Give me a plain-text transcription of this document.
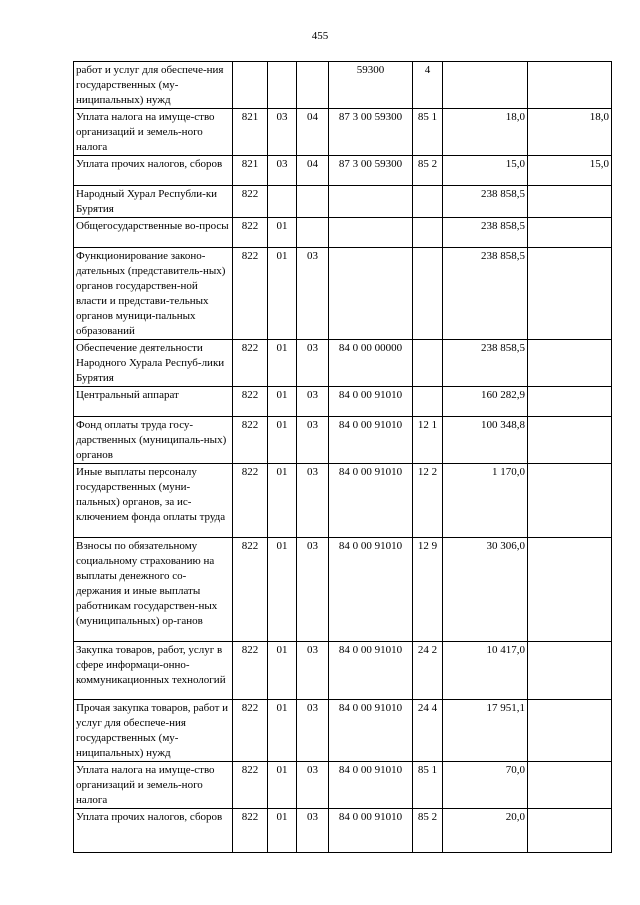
455
работ и услуг для обеспече-ния государственных (му-ниципальных) нужд				59300	4		
Уплата налога на имуще-ство организаций и земель-ного налога	821	03	04	87 3 00 59300	85 1	18,0	18,0
Уплата прочих налогов, сборов	821	03	04	87 3 00 59300	85 2	15,0	15,0
Народный Хурал Республи-ки Бурятия	822					238 858,5	
Общегосударственные во-просы	822	01				238 858,5	
Функционирование законо-дательных (представитель-ных) органов государствен-ной власти и представи-тельных органов муници-пальных образований	822	01	03			238 858,5	
Обеспечение деятельности Народного Хурала Респуб-лики Бурятия	822	01	03	84 0 00 00000		238 858,5	
Центральный аппарат	822	01	03	84 0 00 91010		160 282,9	
Фонд оплаты труда госу-дарственных (муниципаль-ных) органов	822	01	03	84 0 00 91010	12 1	100 348,8	
Иные выплаты персоналу государственных (муни-пальных) органов, за ис-ключением фонда оплаты труда	822	01	03	84 0 00 91010	12 2	1 170,0	
Взносы по обязательному социальному страхованию на выплаты денежного со-держания и иные выплаты работникам государствен-ных (муниципальных) ор-ганов	822	01	03	84 0 00 91010	12 9	30 306,0	
Закупка товаров, работ, услуг в сфере информаци-онно-коммуникационных технологий	822	01	03	84 0 00 91010	24 2	10 417,0	
Прочая закупка товаров, работ и услуг для обеспече-ния государственных (му-ниципальных) нужд	822	01	03	84 0 00 91010	24 4	17 951,1	
Уплата налога на имуще-ство организаций и земель-ного налога	822	01	03	84 0 00 91010	85 1	70,0	
Уплата прочих налогов, сборов	822	01	03	84 0 00 91010	85 2	20,0	
